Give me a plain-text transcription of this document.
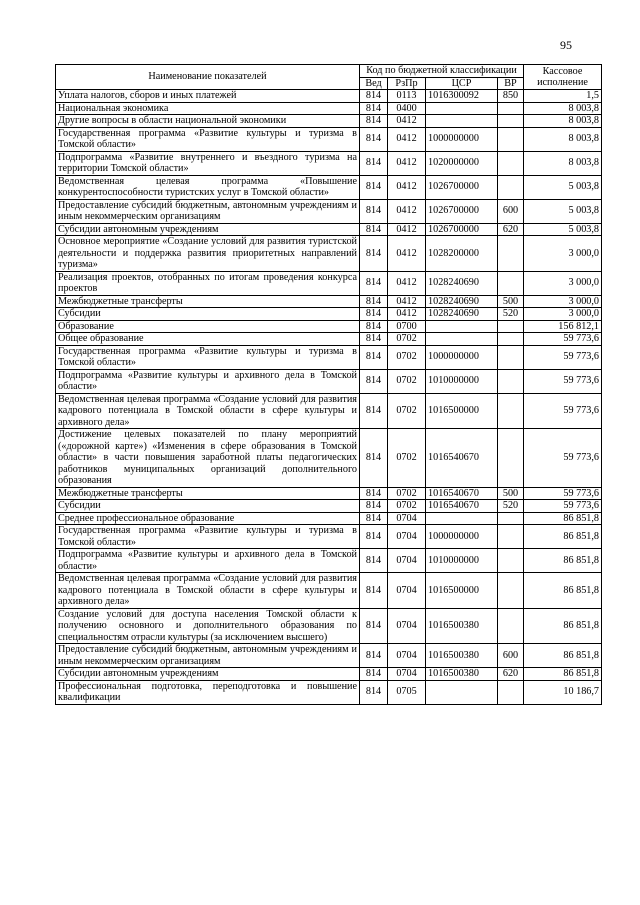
95
Наименование показателей	Код по бюджетной классификации				Кассовое исполнение
	Вед	РзПр	ЦСР	ВР	
Уплата налогов, сборов и иных платежей	814	0113	1016300092	850	1,5
Национальная экономика	814	0400			8 003,8
Другие вопросы в области национальной экономики	814	0412			8 003,8
Государственная программа «Развитие культуры и туризма в Томской области»	814	0412	1000000000		8 003,8
Подпрограмма «Развитие внутреннего и въездного туризма на территории Томской области»	814	0412	1020000000		8 003,8
Ведомственная целевая программа «Повышение конкурентоспособности туристских услуг в Томской области»	814	0412	1026700000		5 003,8
Предоставление субсидий бюджетным, автономным учреждениям и иным некоммерческим организациям	814	0412	1026700000	600	5 003,8
Субсидии автономным учреждениям	814	0412	1026700000	620	5 003,8
Основное мероприятие «Создание условий для развития туристской деятельности и поддержка развития приоритетных направлений туризма»	814	0412	1028200000		3 000,0
Реализация проектов, отобранных по итогам проведения конкурса проектов	814	0412	1028240690		3 000,0
Межбюджетные трансферты	814	0412	1028240690	500	3 000,0
Субсидии	814	0412	1028240690	520	3 000,0
Образование	814	0700			156 812,1
Общее образование	814	0702			59 773,6
Государственная программа «Развитие культуры и туризма в Томской области»	814	0702	1000000000		59 773,6
Подпрограмма «Развитие культуры и архивного дела в Томской области»	814	0702	1010000000		59 773,6
Ведомственная целевая программа «Создание условий для развития кадрового потенциала в Томской области в сфере культуры и архивного дела»	814	0702	1016500000		59 773,6
Достижение целевых показателей по плану мероприятий («дорожной карте») «Изменения в сфере образования в Томской области» в части повышения заработной платы педагогических работников муниципальных организаций дополнительного образования	814	0702	1016540670		59 773,6
Межбюджетные трансферты	814	0702	1016540670	500	59 773,6
Субсидии	814	0702	1016540670	520	59 773,6
Среднее профессиональное образование	814	0704			86 851,8
Государственная программа «Развитие культуры и туризма в Томской области»	814	0704	1000000000		86 851,8
Подпрограмма «Развитие культуры и архивного дела в Томской области»	814	0704	1010000000		86 851,8
Ведомственная целевая программа «Создание условий для развития кадрового потенциала в Томской области в сфере культуры и архивного дела»	814	0704	1016500000		86 851,8
Создание условий для доступа населения Томской области к получению основного и дополнительного образования по специальностям отрасли культуры (за исключением высшего)	814	0704	1016500380		86 851,8
Предоставление субсидий бюджетным, автономным учреждениям и иным некоммерческим организациям	814	0704	1016500380	600	86 851,8
Субсидии автономным учреждениям	814	0704	1016500380	620	86 851,8
Профессиональная подготовка, переподготовка и повышение квалификации	814	0705			10 186,7
